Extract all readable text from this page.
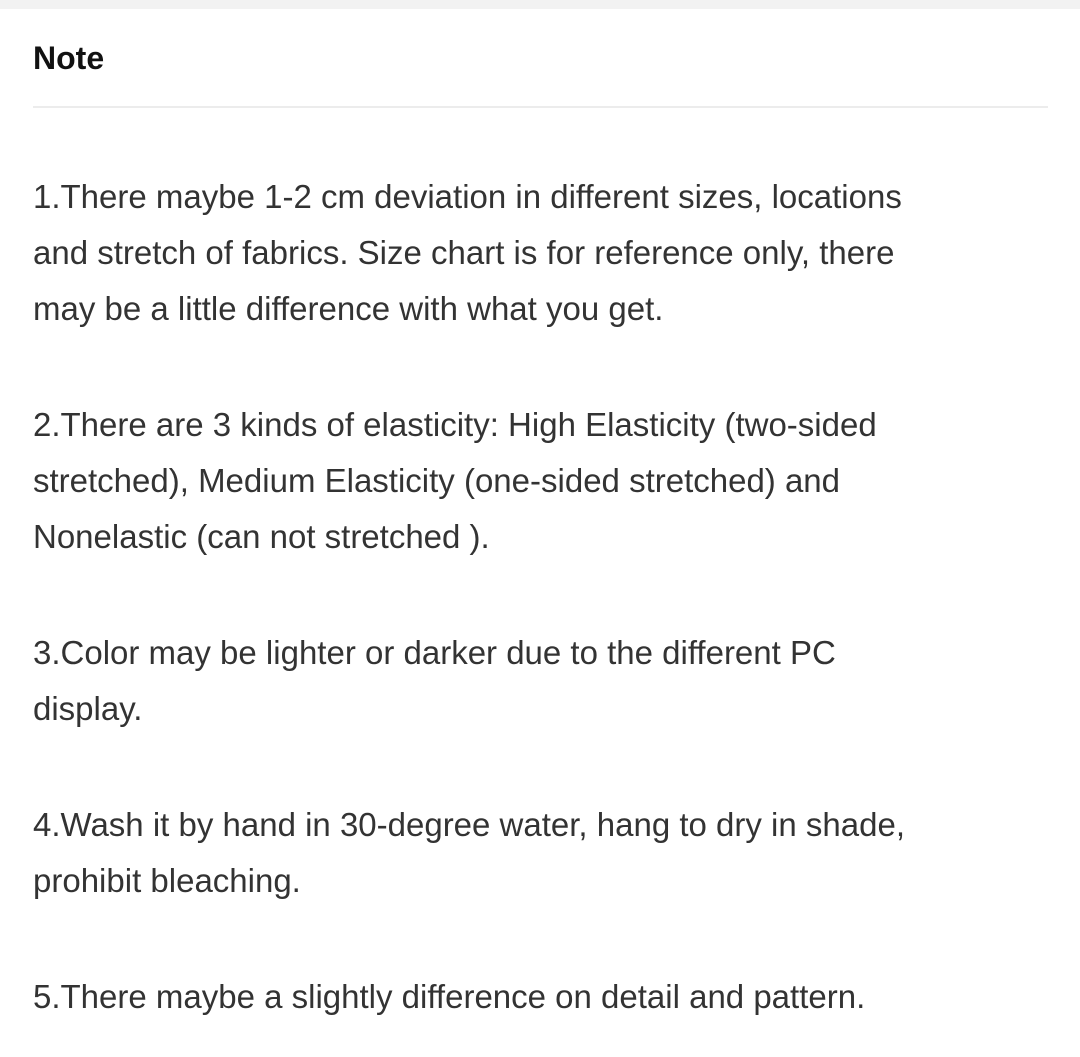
Note
1.There maybe 1-2 cm deviation in different sizes, locations
and stretch of fabrics. Size chart is for reference only, there
may be a little difference with what you get.
2.There are 3 kinds of elasticity: High Elasticity (two-sided
stretched), Medium Elasticity (one-sided stretched) and
Nonelastic (can not stretched ).
3.Color may be lighter or darker due to the different PC
display.
4.Wash it by hand in 30-degree water, hang to dry in shade,
prohibit bleaching.
5.There maybe a slightly difference on detail and pattern.
